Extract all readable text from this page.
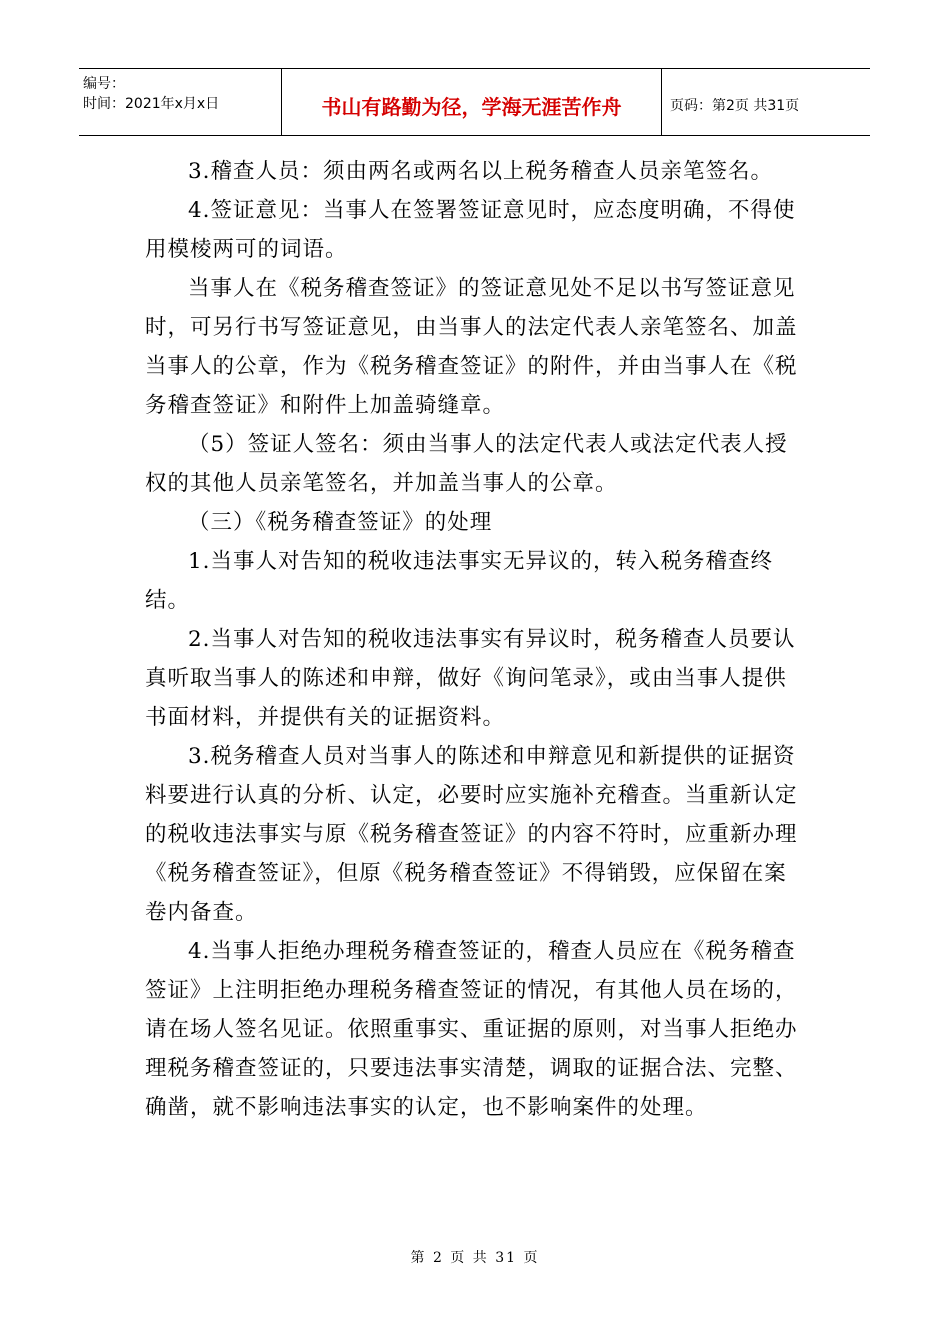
编号：
时间：2021年x月x日	书山有路勤为径，学海无涯苦作舟	页码：第2页 共31页

3.稽查人员：须由两名或两名以上税务稽查人员亲笔签名。

4.签证意见：当事人在签署签证意见时，应态度明确，不得使用模棱两可的词语。

当事人在《税务稽查签证》的签证意见处不足以书写签证意见时，可另行书写签证意见，由当事人的法定代表人亲笔签名、加盖当事人的公章，作为《税务稽查签证》的附件，并由当事人在《税务稽查签证》和附件上加盖骑缝章。

（5）签证人签名：须由当事人的法定代表人或法定代表人授权的其他人员亲笔签名，并加盖当事人的公章。

（三）《税务稽查签证》的处理

1.当事人对告知的税收违法事实无异议的，转入税务稽查终结。

2.当事人对告知的税收违法事实有异议时，税务稽查人员要认真听取当事人的陈述和申辩，做好《询问笔录》，或由当事人提供书面材料，并提供有关的证据资料。

3.税务稽查人员对当事人的陈述和申辩意见和新提供的证据资料要进行认真的分析、认定，必要时应实施补充稽查。当重新认定的税收违法事实与原《税务稽查签证》的内容不符时，应重新办理《税务稽查签证》，但原《税务稽查签证》不得销毁，应保留在案卷内备查。

4.当事人拒绝办理税务稽查签证的，稽查人员应在《税务稽查签证》上注明拒绝办理税务稽查签证的情况，有其他人员在场的，请在场人签名见证。依照重事实、重证据的原则，对当事人拒绝办理税务稽查签证的，只要违法事实清楚，调取的证据合法、完整、确凿，就不影响违法事实的认定，也不影响案件的处理。

第 2 页 共 31 页
